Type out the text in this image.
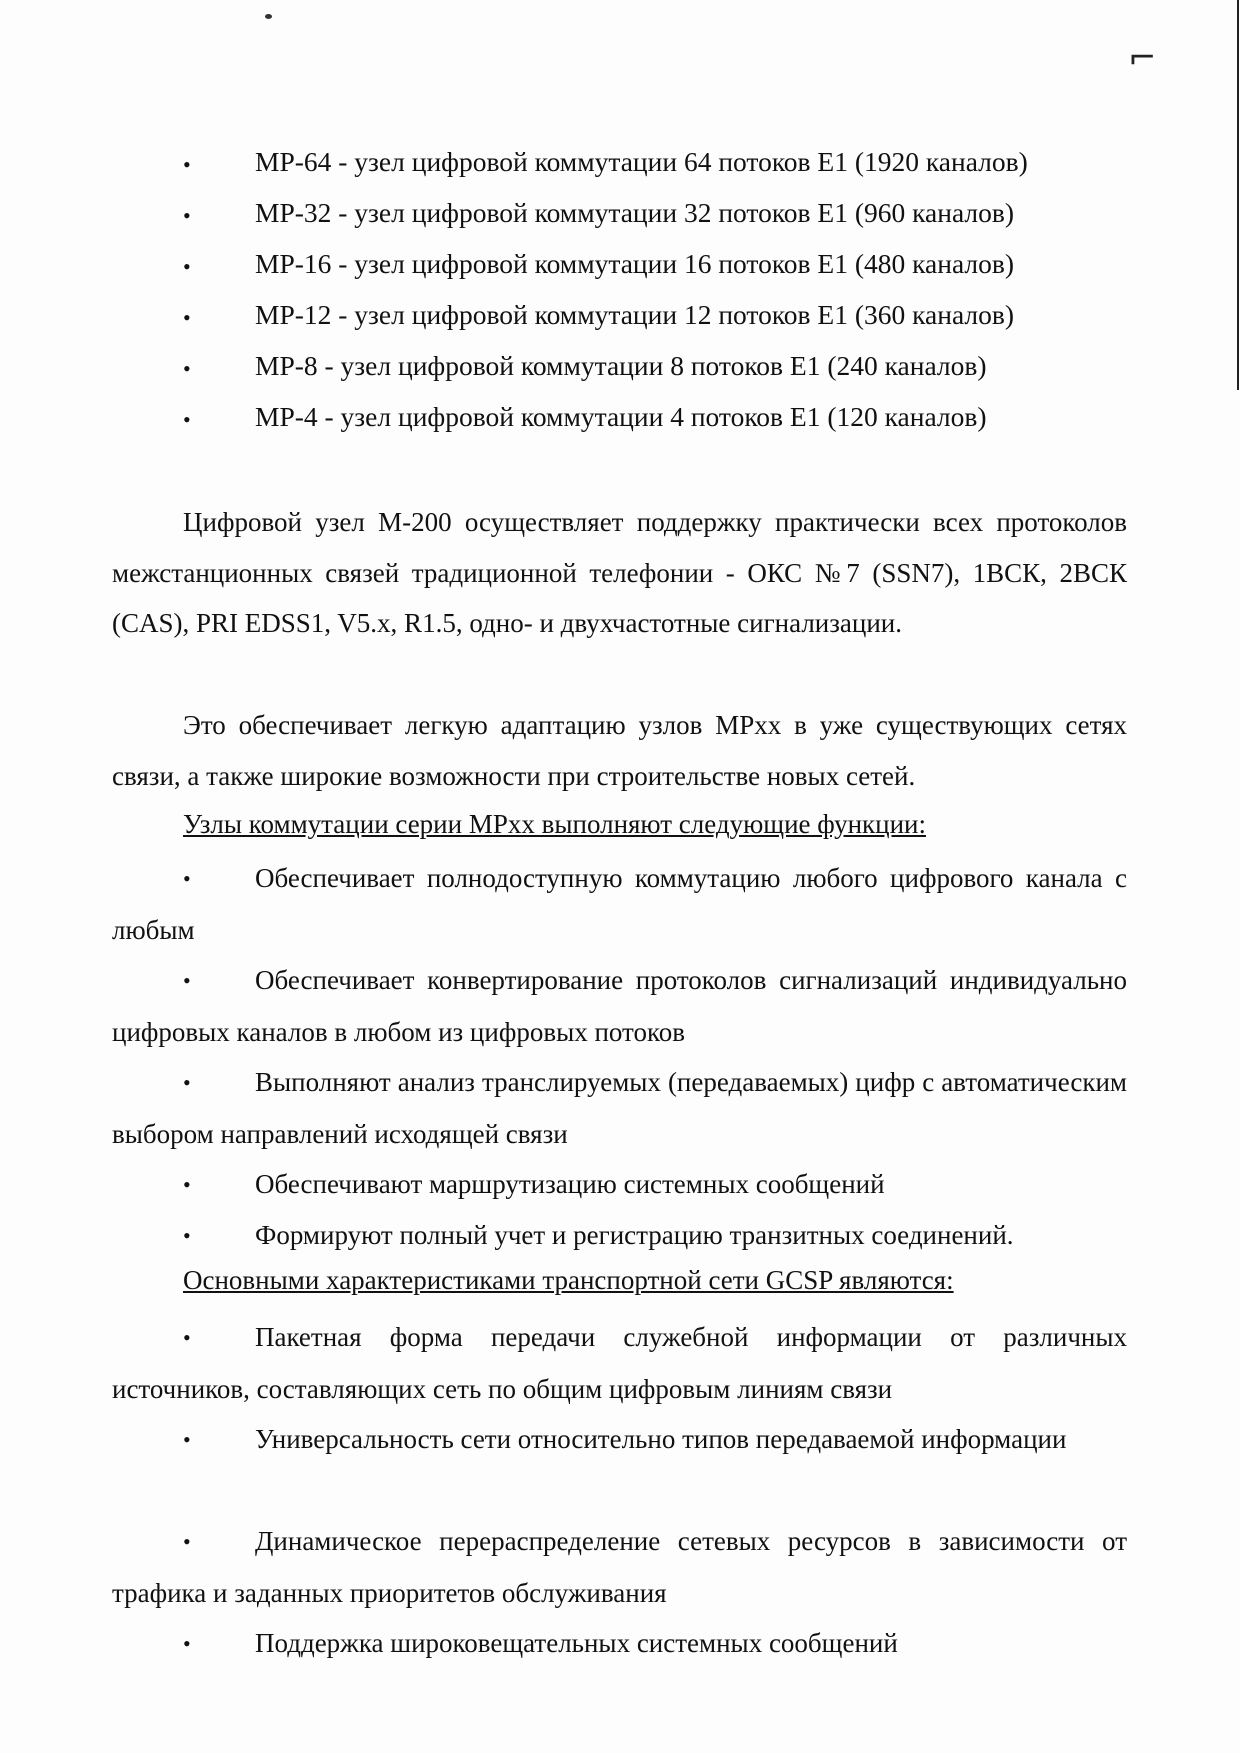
⌐
• МР-64 - узел цифровой коммутации 64 потоков Е1 (1920 каналов)
• МР-32 - узел цифровой коммутации 32 потоков Е1 (960 каналов)
• МР-16 - узел цифровой коммутации 16 потоков Е1 (480 каналов)
• МР-12 - узел цифровой коммутации 12 потоков Е1 (360 каналов)
• МР-8 - узел цифровой коммутации 8 потоков Е1 (240 каналов)
• МР-4 - узел цифровой коммутации 4 потоков Е1 (120 каналов)
Цифровой узел М-200 осуществляет поддержку практически всех протоколов межстанционных связей традиционной телефонии - ОКС №7 (SSN7), 1ВСК, 2ВСК (CAS), PRI EDSS1, V5.x, R1.5, одно- и двухчастотные сигнализации.
Это обеспечивает легкую адаптацию узлов МРхх в уже существующих сетях связи, а также широкие возможности при строительстве новых сетей.
Узлы коммутации серии МРхх выполняют следующие функции:
• Обеспечивает полнодоступную коммутацию любого цифрового канала с любым
• Обеспечивает конвертирование протоколов сигнализаций индивидуально цифровых каналов в любом из цифровых потоков
• Выполняют анализ транслируемых (передаваемых) цифр с автоматическим выбором направлений исходящей связи
• Обеспечивают маршрутизацию системных сообщений
• Формируют полный учет и регистрацию транзитных соединений.
Основными характеристиками транспортной сети GCSP являются:
• Пакетная форма передачи служебной информации от различных источников, составляющих сеть по общим цифровым линиям связи
• Универсальность сети относительно типов передаваемой информации
• Динамическое перераспределение сетевых ресурсов в зависимости от трафика и заданных приоритетов обслуживания
• Поддержка широковещательных системных сообщений
